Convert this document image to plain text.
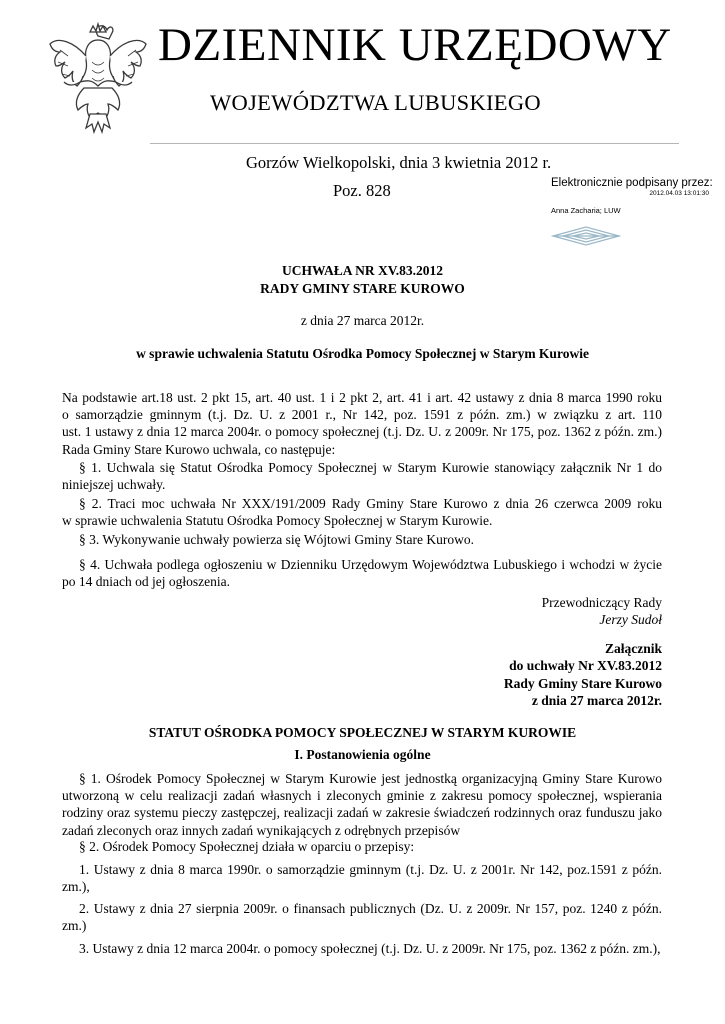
DZIENNIK URZĘDOWY
WOJEWÓDZTWA LUBUSKIEGO
Gorzów Wielkopolski, dnia 3 kwietnia 2012 r.
Poz. 828	Elektronicznie podpisany przez:
2012.04.03 13:01:30
Anna Zacharia; LUW
UCHWAŁA NR XV.83.2012
RADY GMINY STARE KUROWO
z dnia 27 marca 2012r.
w sprawie uchwalenia Statutu Ośrodka Pomocy Społecznej w Starym Kurowie
Na podstawie art.18 ust. 2 pkt 15, art. 40 ust. 1 i 2 pkt 2, art. 41 i art. 42 ustawy z dnia 8 marca 1990 roku
o samorządzie gminnym (t.j. Dz. U. z 2001 r., Nr 142, poz. 1591 z późn. zm.) w związku z art. 110
ust. 1 ustawy z dnia 12 marca 2004r. o pomocy społecznej (t.j. Dz. U. z 2009r. Nr 175, poz. 1362 z późn. zm.)
Rada Gminy Stare Kurowo uchwala, co następuje:
§ 1. Uchwala się Statut Ośrodka Pomocy Społecznej w Starym Kurowie stanowiący załącznik Nr 1 do
niniejszej uchwały.
§ 2. Traci moc uchwała Nr XXX/191/2009 Rady Gminy Stare Kurowo z dnia 26 czerwca 2009 roku
w sprawie uchwalenia Statutu Ośrodka Pomocy Społecznej w Starym Kurowie.
§ 3. Wykonywanie uchwały powierza się Wójtowi Gminy Stare Kurowo.
§ 4. Uchwała podlega ogłoszeniu w Dzienniku Urzędowym Województwa Lubuskiego i wchodzi w życie
po 14 dniach od jej ogłoszenia.
Przewodniczący Rady
Jerzy Sudoł
Załącznik
do uchwały Nr XV.83.2012
Rady Gminy Stare Kurowo
z dnia 27 marca 2012r.
STATUT OŚRODKA POMOCY SPOŁECZNEJ W STARYM KUROWIE
I. Postanowienia ogólne
§ 1. Ośrodek Pomocy Społecznej w Starym Kurowie jest jednostką organizacyjną Gminy Stare Kurowo
utworzoną w celu realizacji zadań własnych i zleconych gminie z zakresu pomocy społecznej, wspierania
rodziny oraz systemu pieczy zastępczej, realizacji zadań w zakresie świadczeń rodzinnych oraz funduszu jako
zadań zleconych oraz innych zadań wynikających z odrębnych przepisów
§ 2. Ośrodek Pomocy Społecznej działa w oparciu o przepisy:
1. Ustawy z dnia 8 marca 1990r. o samorządzie gminnym (t.j. Dz. U. z 2001r. Nr 142, poz.1591 z późn.
zm.),
2. Ustawy z dnia 27 sierpnia 2009r. o finansach publicznych (Dz. U. z 2009r. Nr 157, poz. 1240 z późn.
zm.)
3. Ustawy z dnia 12 marca 2004r. o pomocy społecznej (t.j. Dz. U. z 2009r. Nr 175, poz. 1362 z późn. zm.),
